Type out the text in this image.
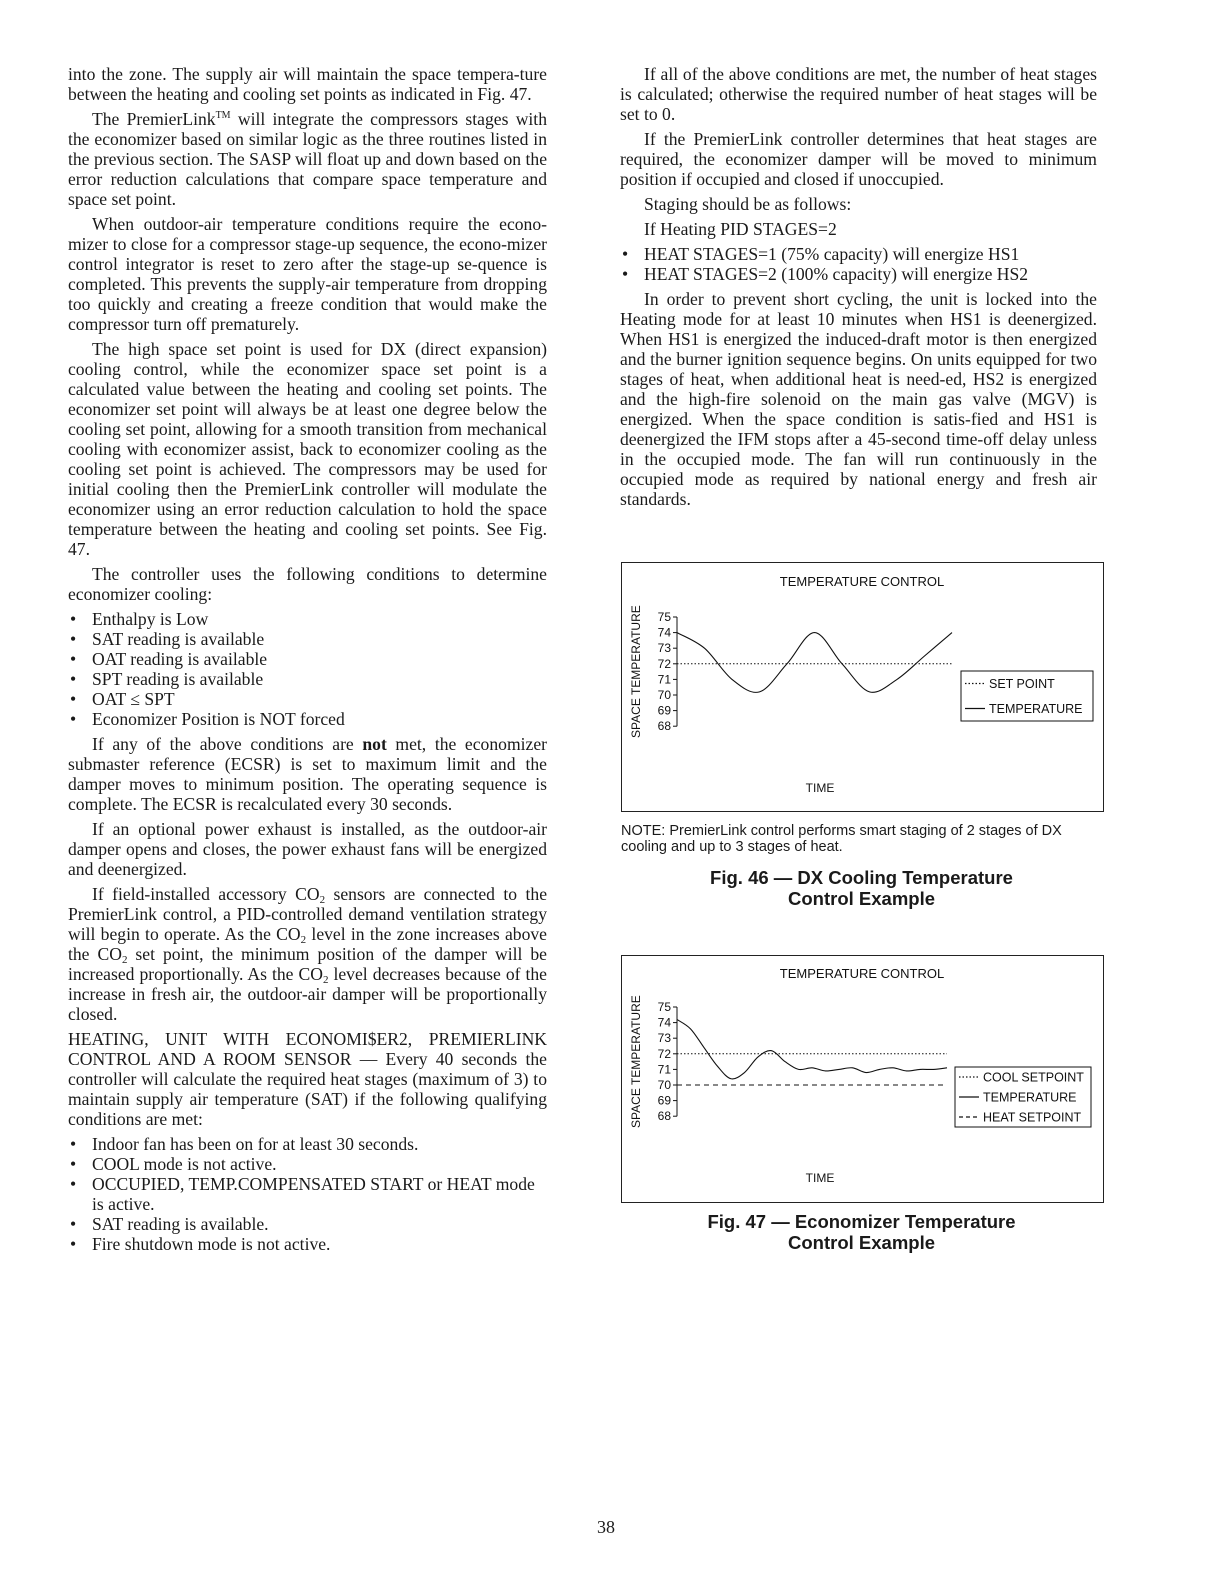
into the zone. The supply air will maintain the space tempera-ture between the heating and cooling set points as indicated in Fig. 47.

The PremierLink™ will integrate the compressors stages with the economizer based on similar logic as the three routines listed in the previous section. The SASP will float up and down based on the error reduction calculations that compare space temperature and space set point.

When outdoor-air temperature conditions require the econo-mizer to close for a compressor stage-up sequence, the econo-mizer control integrator is reset to zero after the stage-up se-quence is completed. This prevents the supply-air temperature from dropping too quickly and creating a freeze condition that would make the compressor turn off prematurely.

The high space set point is used for DX (direct expansion) cooling control, while the economizer space set point is a calculated value between the heating and cooling set points. The economizer set point will always be at least one degree below the cooling set point, allowing for a smooth transition from mechanical cooling with economizer assist, back to economizer cooling as the cooling set point is achieved. The compressors may be used for initial cooling then the PremierLink controller will modulate the economizer using an error reduction calculation to hold the space temperature between the heating and cooling set points. See Fig. 47.

The controller uses the following conditions to determine economizer cooling:

• Enthalpy is Low
• SAT reading is available
• OAT reading is available
• SPT reading is available
• OAT ≤ SPT
• Economizer Position is NOT forced

If any of the above conditions are not met, the economizer submaster reference (ECSR) is set to maximum limit and the damper moves to minimum position. The operating sequence is complete. The ECSR is recalculated every 30 seconds.

If an optional power exhaust is installed, as the outdoor-air damper opens and closes, the power exhaust fans will be energized and deenergized.

If field-installed accessory $CO_2$ sensors are connected to the PremierLink control, a PID-controlled demand ventilation strategy will begin to operate. As the $CO_2$ level in the zone increases above the $CO_2$ set point, the minimum position of the damper will be increased proportionally. As the $CO_2$ level decreases because of the increase in fresh air, the outdoor-air damper will be proportionally closed.

HEATING, UNIT WITH ECONOMI$ER2, PREMIERLINK CONTROL AND A ROOM SENSOR — Every 40 seconds the controller will calculate the required heat stages (maximum of 3) to maintain supply air temperature (SAT) if the following qualifying conditions are met:

• Indoor fan has been on for at least 30 seconds.
• COOL mode is not active.
• OCCUPIED, TEMP.COMPENSATED START or HEAT mode is active.
• SAT reading is available.
• Fire shutdown mode is not active.

If all of the above conditions are met, the number of heat stages is calculated; otherwise the required number of heat stages will be set to 0.

If the PremierLink controller determines that heat stages are required, the economizer damper will be moved to minimum position if occupied and closed if unoccupied.

Staging should be as follows:

If Heating PID STAGES=2

• HEAT STAGES=1 (75% capacity) will energize HS1
• HEAT STAGES=2 (100% capacity) will energize HS2

In order to prevent short cycling, the unit is locked into the Heating mode for at least 10 minutes when HS1 is deenergized. When HS1 is energized the induced-draft motor is then energized and the burner ignition sequence begins. On units equipped for two stages of heat, when additional heat is need-ed, HS2 is energized and the high-fire solenoid on the main gas valve (MGV) is energized. When the space condition is satis-fied and HS1 is deenergized the IFM stops after a 45-second time-off delay unless in the occupied mode. The fan will run continuously in the occupied mode as required by national energy and fresh air standards.

TEMPERATURE CONTROL
75
74
73
72
71
70
69
68
SPACE TEMPERATURE
TIME
SET POINT
TEMPERATURE
NOTE: PremierLink control performs smart staging of 2 stages of DX cooling and up to 3 stages of heat.
Fig. 46 — DX Cooling Temperature
Control Example
TEMPERATURE CONTROL
75
74
73
72
71
70
69
68
SPACE TEMPERATURE
TIME
COOL SETPOINT
TEMPERATURE
HEAT SETPOINT
Fig. 47 — Economizer Temperature
Control Example
38
